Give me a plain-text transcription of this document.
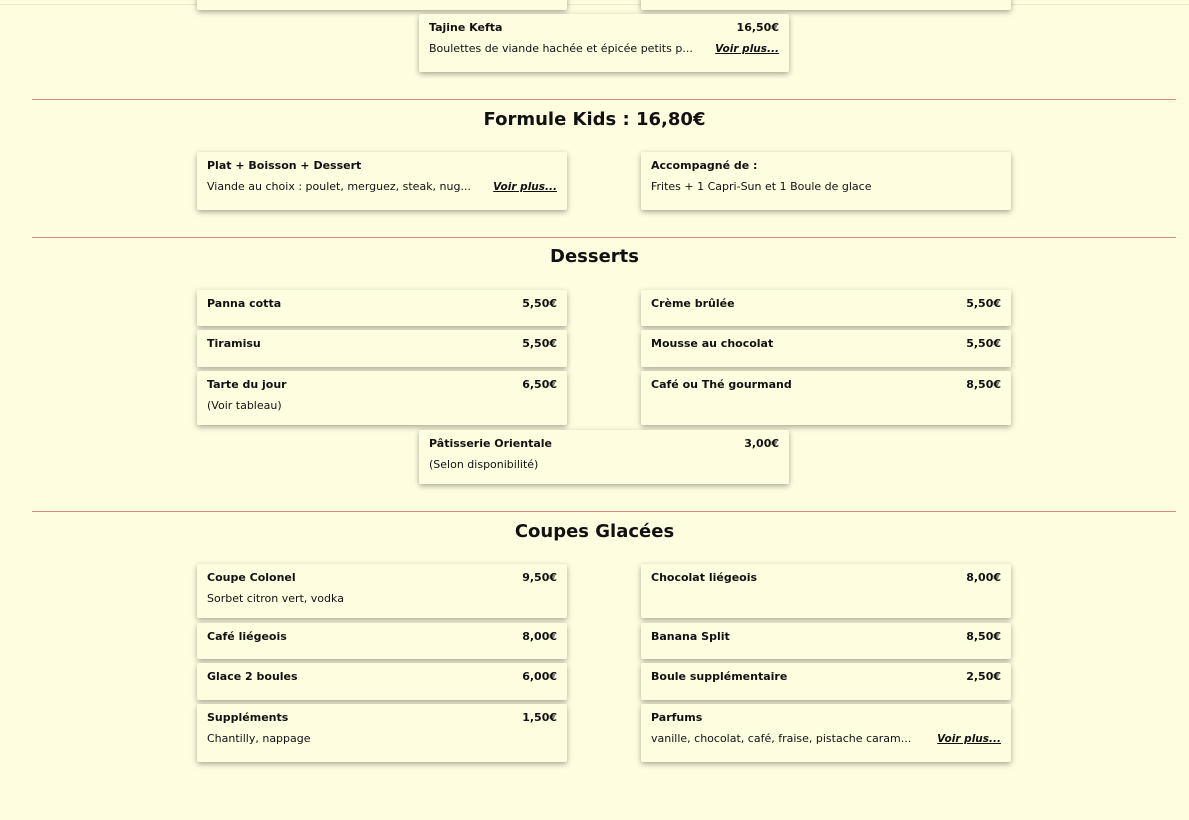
Tajine Kefta	16,50€
Boulettes de viande hachée et épicée petits p... Voir plus...
Formule Kids : 16,80€
Plat + Boisson + Dessert
Viande au choix : poulet, merguez, steak, nug... Voir plus...
Accompagné de :
Frites + 1 Capri-Sun et 1 Boule de glace
Desserts
Panna cotta	5,50€	Crème brûlée	5,50€
Tiramisu	5,50€	Mousse au chocolat	5,50€
Tarte du jour	6,50€
(Voir tableau)
Café ou Thé gourmand	8,50€
Pâtisserie Orientale	3,00€
(Selon disponibilité)
Coupes Glacées
Coupe Colonel	9,50€
Sorbet citron vert, vodka
Chocolat liégeois	8,00€
Café liégeois	8,00€	Banana Split	8,50€
Glace 2 boules	6,00€	Boule supplémentaire	2,50€
Suppléments	1,50€
Chantilly, nappage
Parfums
vanille, chocolat, café, fraise, pistache caram... Voir plus...
